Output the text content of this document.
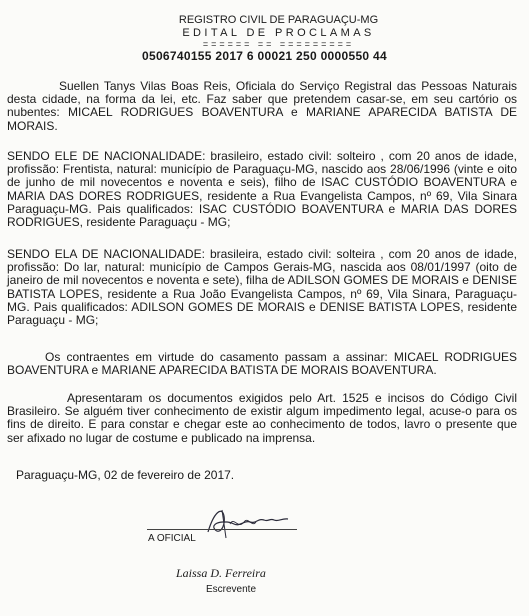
REGISTRO CIVIL DE PARAGUAÇU-MG
EDITAL DE PROCLAMAS
====== == =========
0506740155 2017 6 00021 250 0000550 44

Suellen Tanys Vilas Boas Reis, Oficiala do Serviço Registral das Pessoas Naturais desta cidade, na forma da lei, etc. Faz saber que pretendem casar-se, em seu cartório os nubentes: MICAEL RODRIGUES BOAVENTURA e MARIANE APARECIDA BATISTA DE MORAIS.

SENDO ELE DE NACIONALIDADE: brasileiro, estado civil: solteiro , com 20 anos de idade, profissão: Frentista, natural: município de Paraguaçu-MG, nascido aos 28/06/1996 (vinte e oito de junho de mil novecentos e noventa e seis), filho de ISAC CUSTÓDIO BOAVENTURA e MARIA DAS DORES RODRIGUES, residente a Rua Evangelista Campos, nº 69, Vila Sinara Paraguaçu-MG. Pais qualificados: ISAC CUSTÓDIO BOAVENTURA e MARIA DAS DORES RODRIGUES, residente Paraguaçu - MG;

SENDO ELA DE NACIONALIDADE: brasileira, estado civil: solteira , com 20 anos de idade, profissão: Do lar, natural: município de Campos Gerais-MG, nascida aos 08/01/1997 (oito de janeiro de mil novecentos e noventa e sete), filha de ADILSON GOMES DE MORAIS e DENISE BATISTA LOPES, residente a Rua João Evangelista Campos, nº 69, Vila Sinara, Paraguaçu-MG. Pais qualificados: ADILSON GOMES DE MORAIS e DENISE BATISTA LOPES, residente Paraguaçu - MG;

Os contraentes em virtude do casamento passam a assinar: MICAEL RODRIGUES BOAVENTURA e MARIANE APARECIDA BATISTA DE MORAIS BOAVENTURA.

Apresentaram os documentos exigidos pelo Art. 1525 e incisos do Código Civil Brasileiro. Se alguém tiver conhecimento de existir algum impedimento legal, acuse-o para os fins de direito. E para constar e chegar este ao conhecimento de todos, lavro o presente que ser afixado no lugar de costume e publicado na imprensa.

Paraguaçu-MG, 02 de fevereiro de 2017.
A OFICIAL
Laissa D. Ferreira
Escrevente
